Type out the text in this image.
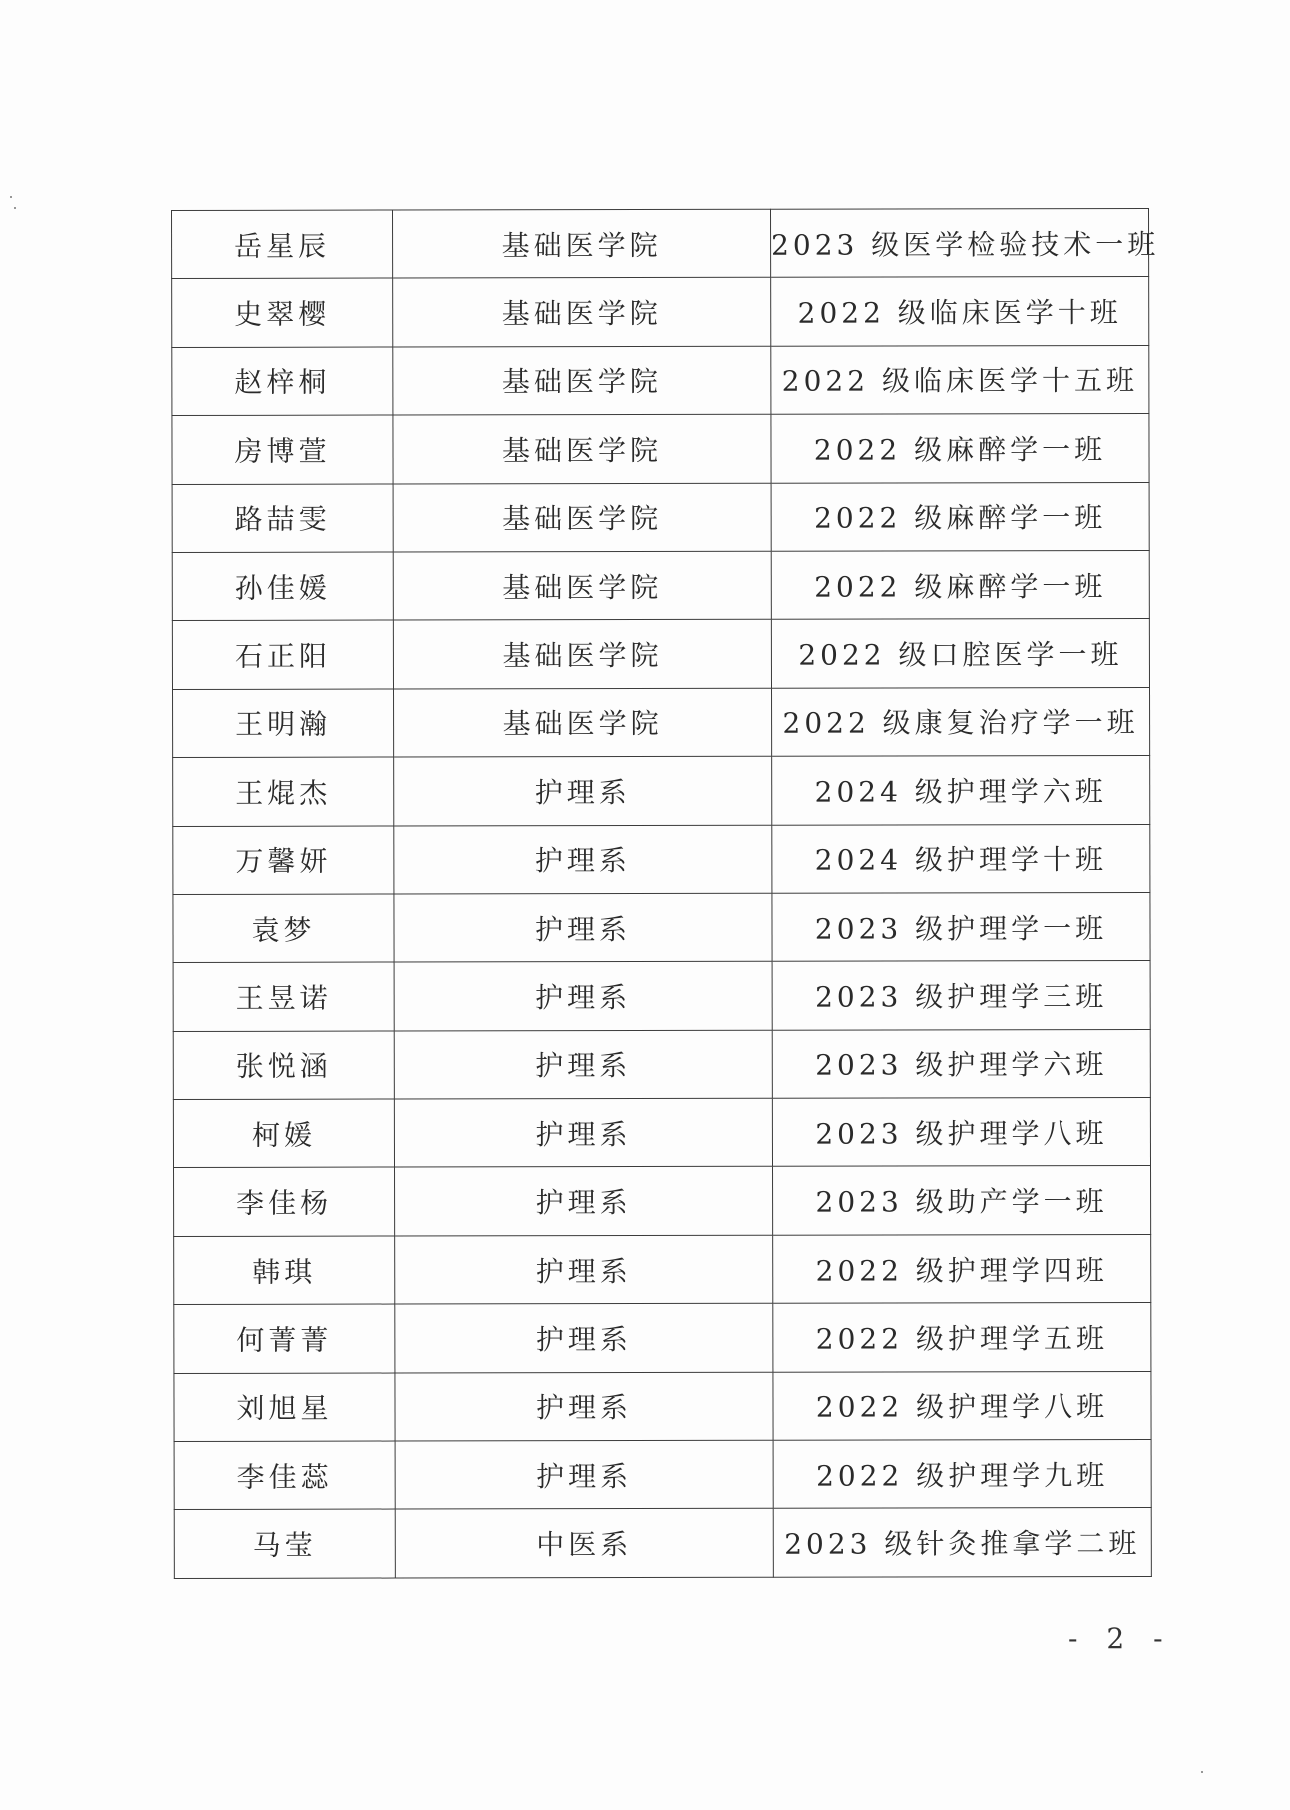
岳星辰	基础医学院	2023 级医学检验技术一班
史翠樱	基础医学院	2022 级临床医学十班
赵梓桐	基础医学院	2022 级临床医学十五班
房博萱	基础医学院	2022 级麻醉学一班
路喆雯	基础医学院	2022 级麻醉学一班
孙佳媛	基础医学院	2022 级麻醉学一班
石正阳	基础医学院	2022 级口腔医学一班
王明瀚	基础医学院	2022 级康复治疗学一班
王焜杰	护理系	2024 级护理学六班
万馨妍	护理系	2024 级护理学十班
袁梦	护理系	2023 级护理学一班
王昱诺	护理系	2023 级护理学三班
张悦涵	护理系	2023 级护理学六班
柯媛	护理系	2023 级护理学八班
李佳杨	护理系	2023 级助产学一班
韩琪	护理系	2022 级护理学四班
何菁菁	护理系	2022 级护理学五班
刘旭星	护理系	2022 级护理学八班
李佳蕊	护理系	2022 级护理学九班
马莹	中医系	2023 级针灸推拿学二班
- 2 -
